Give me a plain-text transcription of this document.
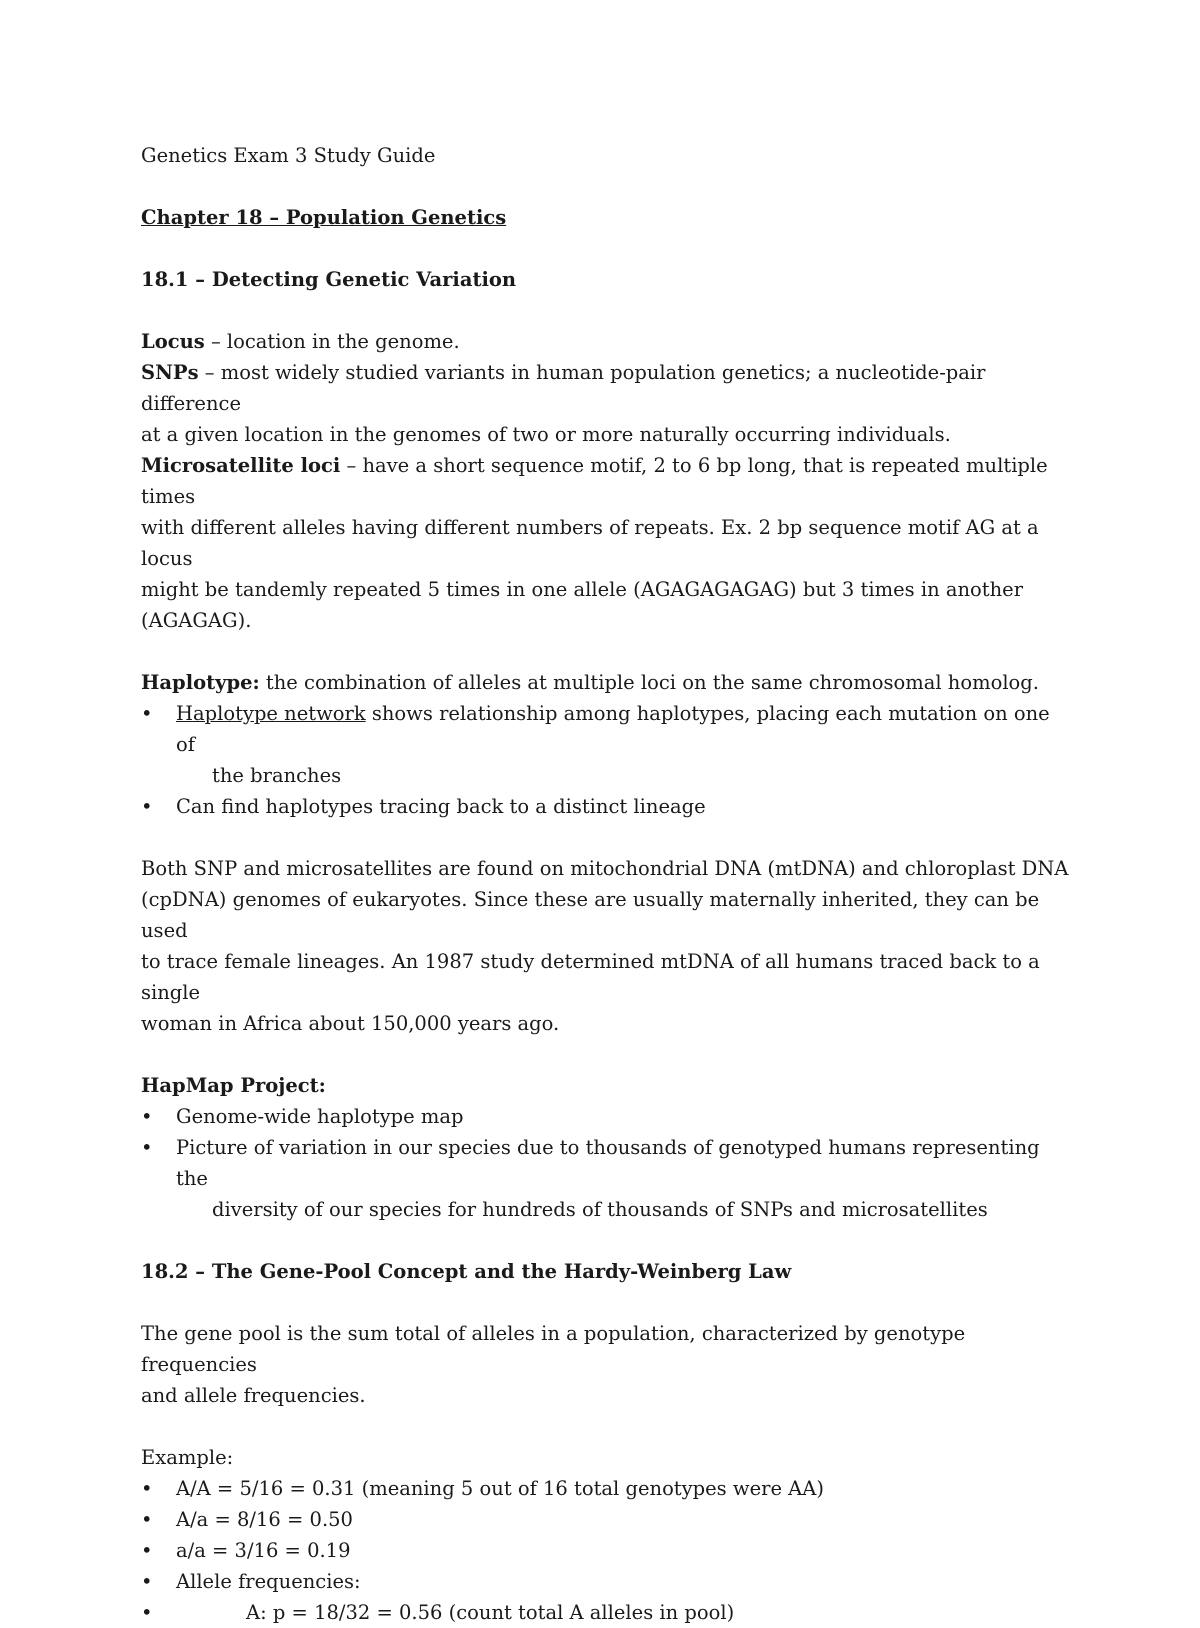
Genetics Exam 3 Study Guide

Chapter 18 – Population Genetics

18.1 – Detecting Genetic Variation

Locus – location in the genome.

SNPs – most widely studied variants in human population genetics; a nucleotide-pair difference

at a given location in the genomes of two or more naturally occurring individuals.

Microsatellite loci – have a short sequence motif, 2 to 6 bp long, that is repeated multiple times

with different alleles having different numbers of repeats. Ex. 2 bp sequence motif AG at a locus

might be tandemly repeated 5 times in one allele (AGAGAGAGAG) but 3 times in another

(AGAGAG).

Haplotype: the combination of alleles at multiple loci on the same chromosomal homolog.

• Haplotype network shows relationship among haplotypes, placing each mutation on one of
the branches
• Can find haplotypes tracing back to a distinct lineage

Both SNP and microsatellites are found on mitochondrial DNA (mtDNA) and chloroplast DNA

(cpDNA) genomes of eukaryotes. Since these are usually maternally inherited, they can be used

to trace female lineages. An 1987 study determined mtDNA of all humans traced back to a single

woman in Africa about 150,000 years ago.

HapMap Project:

• Genome-wide haplotype map
• Picture of variation in our species due to thousands of genotyped humans representing the
diversity of our species for hundreds of thousands of SNPs and microsatellites

18.2 – The Gene-Pool Concept and the Hardy-Weinberg Law

The gene pool is the sum total of alleles in a population, characterized by genotype frequencies

and allele frequencies.

Example:

• A/A = 5/16 = 0.31 (meaning 5 out of 16 total genotypes were AA)
• A/a = 8/16 = 0.50
• a/a = 3/16 = 0.19
• Allele frequencies:
•	A: p = 18/32 = 0.56 (count total A alleles in pool)
